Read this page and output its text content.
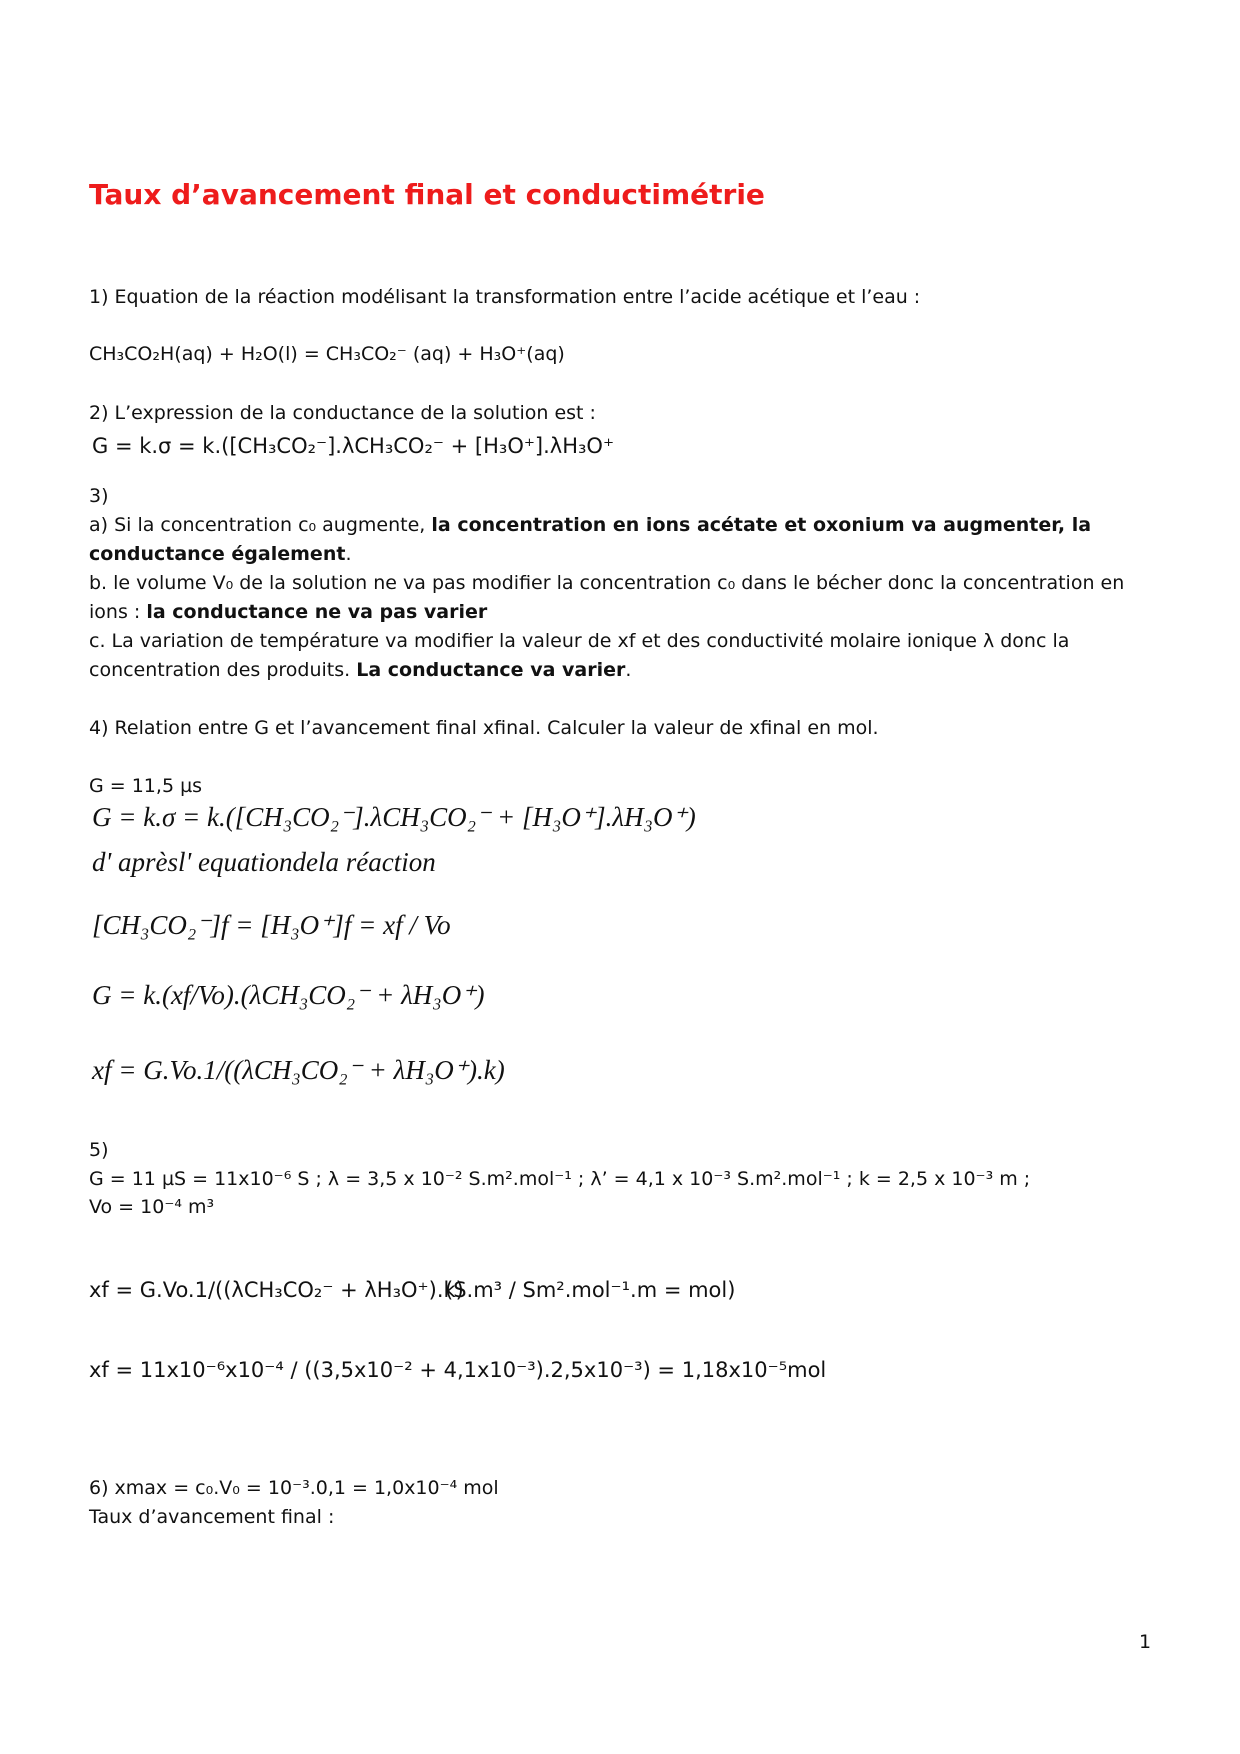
Taux d’avancement final et conductimétrie
1) Equation de la réaction modélisant la transformation entre l’acide acétique et l’eau :
CH₃CO₂H(aq) + H₂O(l) = CH₃CO₂⁻ (aq) + H₃O⁺(aq)
2) L’expression de la conductance de la solution est :
G = k.σ = k.([CH₃CO₂⁻].λCH₃CO₂⁻ + [H₃O⁺].λH₃O⁺
3)
a) Si la concentration c₀ augmente, la concentration en ions acétate et oxonium va augmenter, la conductance également.
b. le volume V₀ de la solution ne va pas modifier la concentration c₀ dans le bécher donc la concentration en ions : la conductance ne va pas varier
c. La variation de température va modifier la valeur de xf et des conductivité molaire ionique λ donc la concentration des produits. La conductance va varier.
4) Relation entre G et l’avancement final xfinal. Calculer la valeur de xfinal en mol.
G = 11,5 µs
G = k.σ = k.([CH₃CO₂⁻].λCH₃CO₂⁻ + [H₃O⁺].λH₃O⁺)
d' aprèsl' equationdela réaction
[CH₃CO₂⁻]f = [H₃O⁺]f = xf / Vo
G = k.(xf/Vo).(λCH₃CO₂⁻ + λH₃O⁺)
xf = G.Vo.1/((λCH₃CO₂⁻ + λH₃O⁺).k)
5)
G = 11 µS = 11x10⁻⁶ S ; λ = 3,5 x 10⁻² S.m².mol⁻¹ ; λ’ = 4,1 x 10⁻³ S.m².mol⁻¹ ; k = 2,5 x 10⁻³ m ;
Vo = 10⁻⁴ m³
xf = G.Vo.1/((λCH₃CO₂⁻ + λH₃O⁺).k)
(S.m³ / Sm².mol⁻¹.m = mol)
xf = 11x10⁻⁶x10⁻⁴ / ((3,5x10⁻² + 4,1x10⁻³).2,5x10⁻³) = 1,18x10⁻⁵mol
6) xmax = c₀.V₀ = 10⁻³.0,1 = 1,0x10⁻⁴ mol
Taux d’avancement final :
1
